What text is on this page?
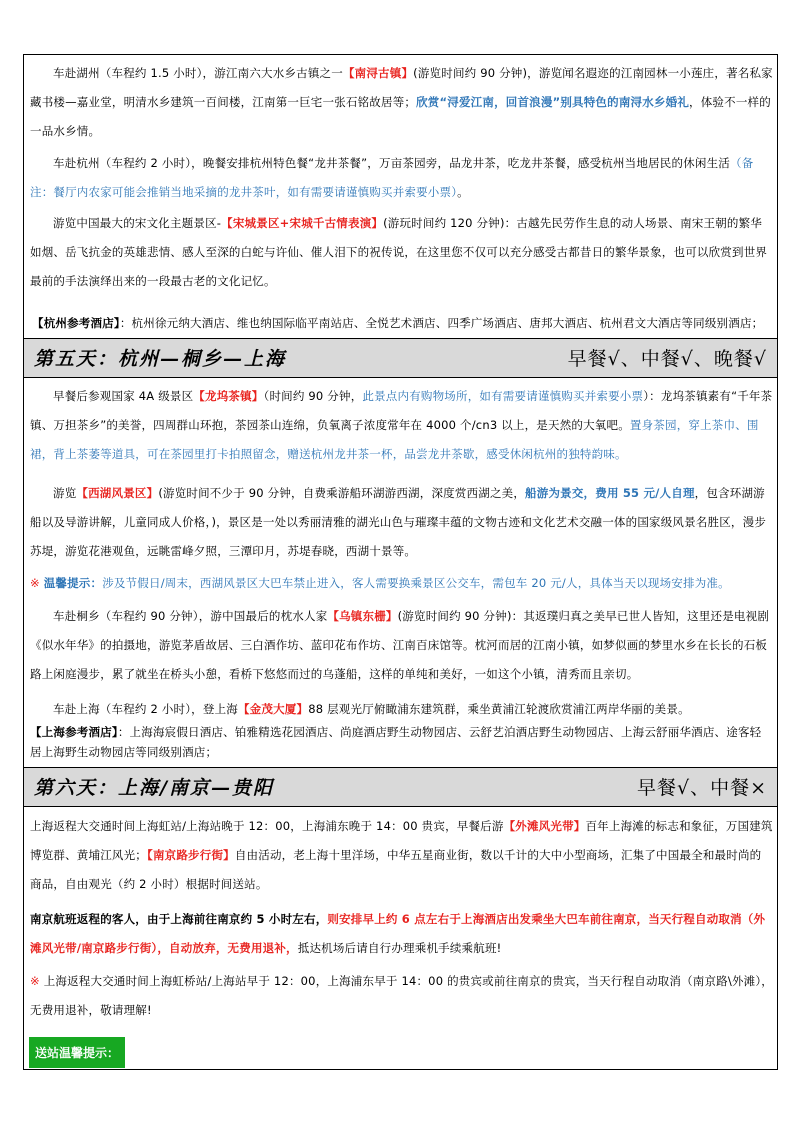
车赴湖州（车程约 1.5 小时），游江南六大水乡古镇之一【南浔古镇】(游览时间约 90 分钟)，游览闻名遐迩的江南园林一小莲庄，著名私家藏书楼—嘉业堂，明清水乡建筑一百间楼，江南第一巨宅一张石铭故居等；欣赏“浔爱江南，回首浪漫”别具特色的南浔水乡婚礼，体验不一样的一品水乡情。
车赴杭州（车程约 2 小时），晚餐安排杭州特色餐“龙井茶餐”，万亩茶园旁，品龙井茶，吃龙井茶餐，感受杭州当地居民的休闲生活（备注：餐厅内农家可能会推销当地采摘的龙井茶叶，如有需要请谨慎购买并索要小票）。
游览中国最大的宋文化主题景区-【宋城景区+宋城千古情表演】(游玩时间约 120 分钟)：古越先民劳作生息的动人场景、南宋王朝的繁华如烟、岳飞抗金的英雄悲情、感人至深的白蛇与许仙、催人泪下的祝传说，在这里您不仅可以充分感受古都昔日的繁华景象，也可以欣赏到世界最前的手法演绎出来的一段最古老的文化记忆。
【杭州参考酒店】：杭州徐元纳大酒店、维也纳国际临平南站店、全悦艺术酒店、四季广场酒店、唐邦大酒店、杭州君文大酒店等同级别酒店；
第五天：杭州—桐乡—上海	早餐√、中餐√、晚餐√
早餐后参观国家 4A 级景区【龙坞茶镇】（时间约 90 分钟，此景点内有购物场所，如有需要请谨慎购买并索要小票）：龙坞茶镇素有“千年茶镇、万担茶乡”的美誉，四周群山环抱，茶园茶山连绵，负氧离子浓度常年在 4000 个/cn3 以上，是天然的大氧吧。置身茶园，穿上茶巾、围裙，背上茶萎等道具，可在茶园里打卡拍照留念，赠送杭州龙井茶一杯，品尝龙井茶歇，感受休闲杭州的独特韵味。
游览【西湖风景区】(游览时间不少于 90 分钟，自费乘游船环湖游西湖，深度赏西湖之美，船游为景交，费用 55 元/人自理，包含环湖游船以及导游讲解，儿童同成人价格，)，景区是一处以秀丽清雅的湖光山色与璀璨丰蕴的文物古迹和文化艺术交融一体的国家级风景名胜区，漫步苏堤，游览花港观鱼，远眺雷峰夕照，三潭印月，苏堤春晓，西湖十景等。
※ 温馨提示：涉及节假日/周末，西湖风景区大巴车禁止进入，客人需要换乘景区公交车，需包车 20 元/人，具体当天以现场安排为准。
车赴桐乡（车程约 90 分钟），游中国最后的枕水人家【乌镇东栅】(游览时间约 90 分钟)：其返璞归真之美早已世人皆知，这里还是电视剧《似水年华》的拍摄地，游览茅盾故居、三白酒作坊、蓝印花布作坊、江南百床馆等。枕河而居的江南小镇，如梦似画的梦里水乡在长长的石板路上闲庭漫步，累了就坐在桥头小憩，看桥下悠悠而过的乌蓬船，这样的单纯和美好，一如这个小镇，清秀而且亲切。
车赴上海（车程约 2 小时），登上海【金茂大厦】88 层观光厅俯瞰浦东建筑群，乘坐黄浦江轮渡欣赏浦江两岸华丽的美景。
【上海参考酒店】：上海海宸假日酒店、铂雅精选花园酒店、尚庭酒店野生动物园店、云舒艺泊酒店野生动物园店、上海云舒丽华酒店、途客轻居上海野生动物园店等同级别酒店；
第六天：上海/南京—贵阳	早餐√、中餐×
上海返程大交通时间上海虹站/上海站晚于 12：00，上海浦东晚于 14：00 贵宾，早餐后游【外滩风光带】百年上海滩的标志和象征，万国建筑博览群、黄埔江风光；【南京路步行街】自由活动，老上海十里洋场，中华五星商业街，数以千计的大中小型商场，汇集了中国最全和最时尚的商品，自由观光（约 2 小时）根据时间送站。
南京航班返程的客人，由于上海前往南京约 5 小时左右，则安排早上约 6 点左右于上海酒店出发乘坐大巴车前往南京，当天行程自动取消（外滩风光带/南京路步行街），自动放弃，无费用退补，抵达机场后请自行办理乘机手续乘航班!
※ 上海返程大交通时间上海虹桥站/上海站早于 12：00，上海浦东早于 14：00 的贵宾或前往南京的贵宾，当天行程自动取消（南京路\外滩），无费用退补，敬请理解!
送站温馨提示：
